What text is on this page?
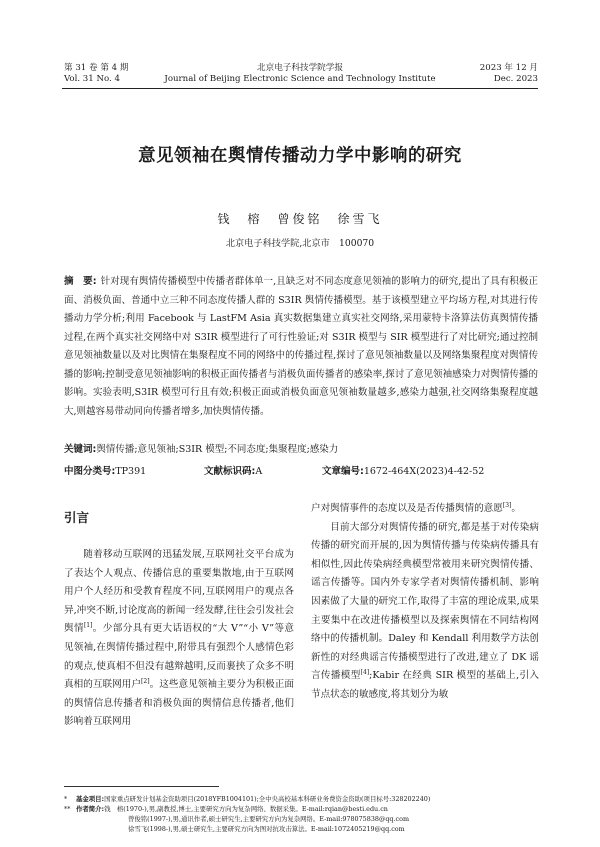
第 31 卷 第 4 期
Vol. 31 No. 4
北京电子科技学院学报
Journal of Beijing Electronic Science and Technology Institute
2023 年 12 月
Dec. 2023
意见领袖在舆情传播动力学中影响的研究
钱　榕　曾俊铭　徐雪飞
北京电子科技学院,北京市　100070
摘　要: 针对现有舆情传播模型中传播者群体单一,且缺乏对不同态度意见领袖的影响力的研究,提出了具有积极正面、消极负面、普通中立三种不同态度传播人群的 S3IR 舆情传播模型。基于该模型建立平均场方程,对其进行传播动力学分析;利用 Facebook 与 LastFM Asia 真实数据集建立真实社交网络,采用蒙特卡洛算法仿真舆情传播过程,在两个真实社交网络中对 S3IR 模型进行了可行性验证;对 S3IR 模型与 SIR 模型进行了对比研究;通过控制意见领袖数量以及对比舆情在集聚程度不同的网络中的传播过程,探讨了意见领袖数量以及网络集聚程度对舆情传播的影响;控制受意见领袖影响的积极正面传播者与消极负面传播者的感染率,探讨了意见领袖感染力对舆情传播的影响。实验表明,S3IR 模型可行且有效;积极正面或消极负面意见领袖数量越多,感染力越强,社交网络集聚程度越大,则越容易带动同向传播者增多,加快舆情传播。
关键词:舆情传播;意见领袖;S3IR 模型;不同态度;集聚程度;感染力
中图分类号:TP391	文献标识码:A	文章编号:1672-464X(2023)4-42-52
引言

随着移动互联网的迅猛发展,互联网社交平台成为了表达个人观点、传播信息的重要集散地,由于互联网用户个人经历和受教育程度不同,互联网用户的观点各异,冲突不断,讨论度高的新闻一经发酵,往往会引发社会舆情[1]。少部分具有更大话语权的“大 V”“小 V”等意见领袖,在舆情传播过程中,附带具有强烈个人感情色彩的观点,使真相不但没有越辩越明,反而裹挟了众多不明真相的互联网用户[2]。这些意见领袖主要分为积极正面的舆情信息传播者和消极负面的舆情信息传播者,他们影响着互联网用

户对舆情事件的态度以及是否传播舆情的意愿[3]。

目前大部分对舆情传播的研究,都是基于对传染病传播的研究而开展的,因为舆情传播与传染病传播具有相似性,因此传染病经典模型常被用来研究舆情传播、谣言传播等。国内外专家学者对舆情传播机制、影响因素做了大量的研究工作,取得了丰富的理论成果,成果主要集中在改进传播模型以及探索舆情在不同结构网络中的传播机制。Daley 和 Kendall 利用数学方法创新性的对经典谣言传播模型进行了改进,建立了 DK 谣言传播模型[4];Kabir 在经典 SIR 模型的基础上,引入节点状态的敏感度,将其划分为敏

* 基金项目:国家重点研发计划基金资助项目(2018YFB1004101);全中央高校基本科研业务费资金资助(项目标号:328202240)

** 作者简介:钱　榕(1970-),男,副教授,博士,主要研究方向为复杂网络、数据采集。E-mail:rqian@besti.edu.cn

曾俊铭(1997-),男,通讯作者,硕士研究生,主要研究方向为复杂网络。E-mail:978075838@qq.com

徐雪飞(1998-),男,硕士研究生,主要研究方向为图对抗攻击算法。E-mail:1072405219@qq.com
